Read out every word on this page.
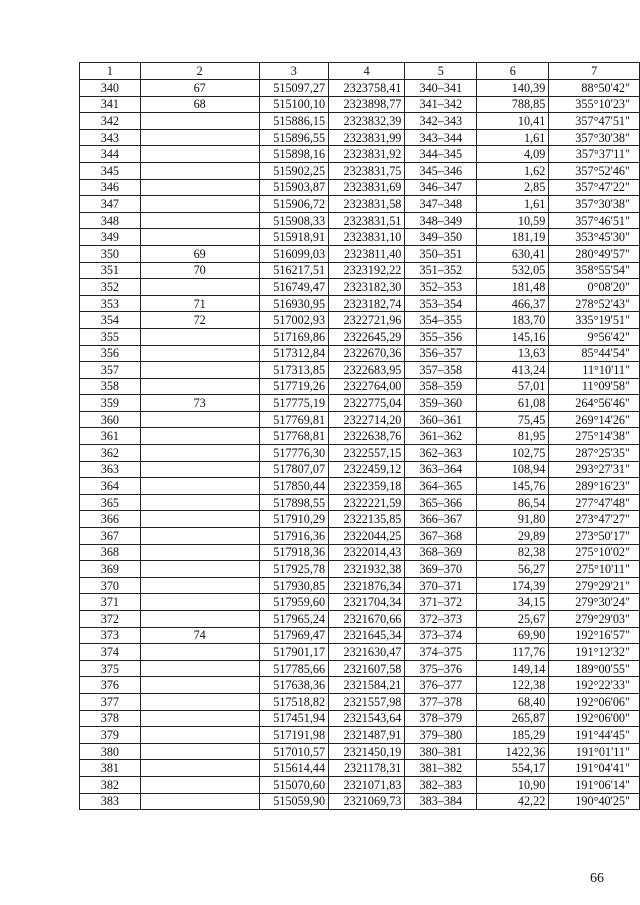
1	2	3	4	5	6	7
340	67	515097,27	2323758,41	340–341	140,39	88°50'42"
341	68	515100,10	2323898,77	341–342	788,85	355°10'23"
342		515886,15	2323832,39	342–343	10,41	357°47'51"
343		515896,55	2323831,99	343–344	1,61	357°30'38"
344		515898,16	2323831,92	344–345	4,09	357°37'11"
345		515902,25	2323831,75	345–346	1,62	357°52'46"
346		515903,87	2323831,69	346–347	2,85	357°47'22"
347		515906,72	2323831,58	347–348	1,61	357°30'38"
348		515908,33	2323831,51	348–349	10,59	357°46'51"
349		515918,91	2323831,10	349–350	181,19	353°45'30"
350	69	516099,03	2323811,40	350–351	630,41	280°49'57"
351	70	516217,51	2323192,22	351–352	532,05	358°55'54"
352		516749,47	2323182,30	352–353	181,48	0°08'20"
353	71	516930,95	2323182,74	353–354	466,37	278°52'43"
354	72	517002,93	2322721,96	354–355	183,70	335°19'51"
355		517169,86	2322645,29	355–356	145,16	9°56'42"
356		517312,84	2322670,36	356–357	13,63	85°44'54"
357		517313,85	2322683,95	357–358	413,24	11°10'11"
358		517719,26	2322764,00	358–359	57,01	11°09'58"
359	73	517775,19	2322775,04	359–360	61,08	264°56'46"
360		517769,81	2322714,20	360–361	75,45	269°14'26"
361		517768,81	2322638,76	361–362	81,95	275°14'38"
362		517776,30	2322557,15	362–363	102,75	287°25'35"
363		517807,07	2322459,12	363–364	108,94	293°27'31"
364		517850,44	2322359,18	364–365	145,76	289°16'23"
365		517898,55	2322221,59	365–366	86,54	277°47'48"
366		517910,29	2322135,85	366–367	91,80	273°47'27"
367		517916,36	2322044,25	367–368	29,89	273°50'17"
368		517918,36	2322014,43	368–369	82,38	275°10'02"
369		517925,78	2321932,38	369–370	56,27	275°10'11"
370		517930,85	2321876,34	370–371	174,39	279°29'21"
371		517959,60	2321704,34	371–372	34,15	279°30'24"
372		517965,24	2321670,66	372–373	25,67	279°29'03"
373	74	517969,47	2321645,34	373–374	69,90	192°16'57"
374		517901,17	2321630,47	374–375	117,76	191°12'32"
375		517785,66	2321607,58	375–376	149,14	189°00'55"
376		517638,36	2321584,21	376–377	122,38	192°22'33"
377		517518,82	2321557,98	377–378	68,40	192°06'06"
378		517451,94	2321543,64	378–379	265,87	192°06'00"
379		517191,98	2321487,91	379–380	185,29	191°44'45"
380		517010,57	2321450,19	380–381	1422,36	191°01'11"
381		515614,44	2321178,31	381–382	554,17	191°04'41"
382		515070,60	2321071,83	382–383	10,90	191°06'14"
383		515059,90	2321069,73	383–384	42,22	190°40'25"
66
